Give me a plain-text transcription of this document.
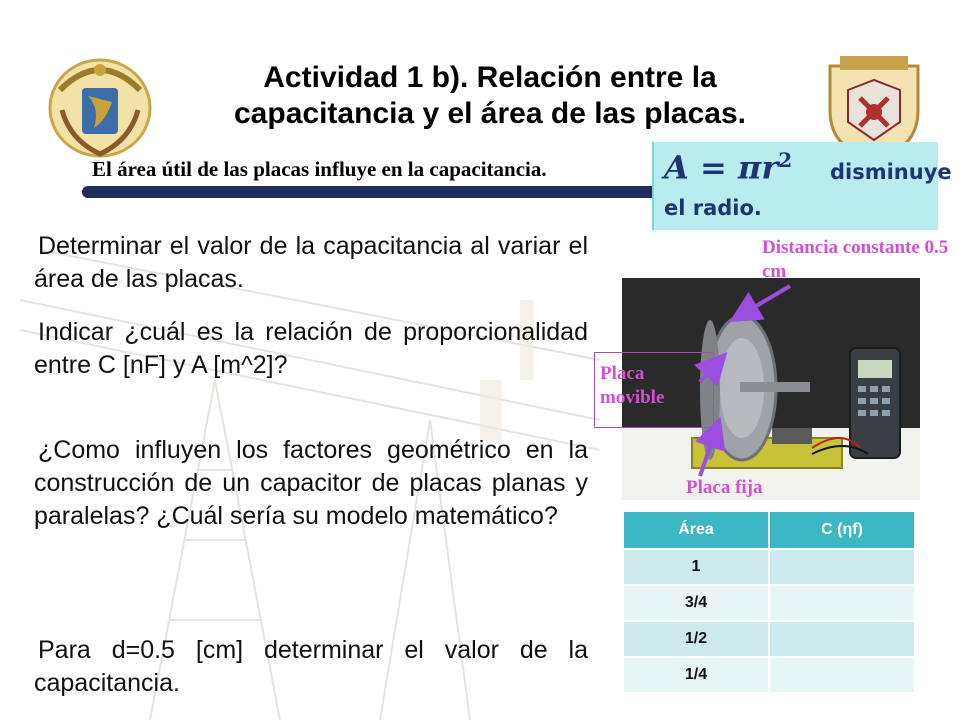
Actividad 1 b). Relación entre la
capacitancia y el área de las placas.
El área útil de las placas influye en la capacitancia.	$A = \pi r^2$ disminuye
el radio.
Determinar el valor de la capacitancia al variar el área de las placas.
Indicar ¿cuál es la relación de proporcionalidad entre C [nF] y A [m^2]?
¿Como influyen los factores geométrico en la construcción de un capacitor de placas planas y paralelas? ¿Cuál sería su modelo matemático?
Para d=0.5 [cm] determinar el valor de la capacitancia.
Distancia constante 0.5 cm
Placa movible
Placa fija
Área	C (ηf)
1	
3/4	
1/2	
1/4	
